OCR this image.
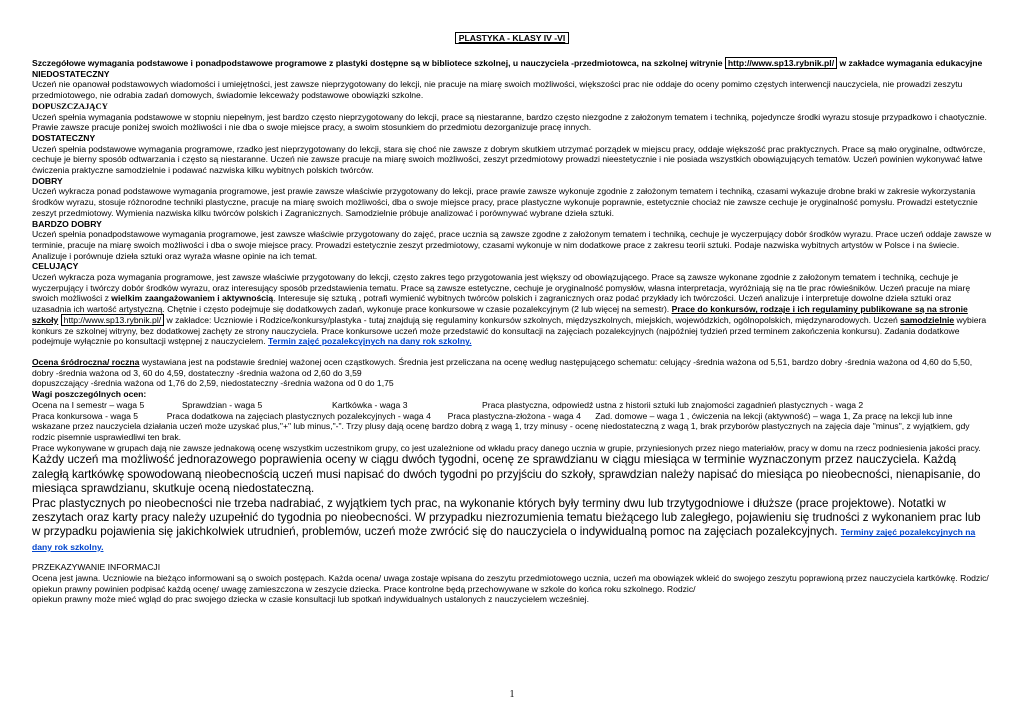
PLASTYKA - KLASY IV -VI

Szczegółowe wymagania podstawowe i ponadpodstawowe programowe z plastyki dostępne są w bibliotece szkolnej, u nauczyciela -przedmiotowca, na szkolnej witrynie http://www.sp13.rybnik.pl/ w zakładce wymagania edukacyjne

NIEDOSTATECZNY

Uczeń nie opanował podstawowych wiadomości i umiejętności, jest zawsze nieprzygotowany do lekcji, nie pracuje na miarę swoich możliwości, większości prac nie oddaje do oceny pomimo częstych interwencji nauczyciela, nie prowadzi zeszytu przedmiotowego, nie odrabia zadań domowych, świadomie lekceważy podstawowe obowiązki szkolne.

DOPUSZCZAJĄCY

Uczeń spełnia wymagania podstawowe w stopniu niepełnym, jest bardzo często nieprzygotowany do lekcji, prace są niestaranne, bardzo często niezgodne z założonym tematem i techniką, pojedyncze środki wyrazu stosuje przypadkowo i chaotycznie. Prawie zawsze pracuje poniżej swoich możliwości i nie dba o swoje miejsce pracy, a swoim stosunkiem do przedmiotu dezorganizuje pracę innych.

DOSTATECZNY

Uczeń spełnia podstawowe wymagania programowe, rzadko jest nieprzygotowany do lekcji, stara się choć nie zawsze z dobrym skutkiem utrzymać porządek w miejscu pracy, oddaje większość prac praktycznych. Prace są mało oryginalne, odtwórcze, cechuje je bierny sposób odtwarzania i często są niestaranne. Uczeń nie zawsze pracuje na miarę swoich możliwości, zeszyt przedmiotowy prowadzi nieestetycznie i nie posiada wszystkich obowiązujących tematów. Uczeń powinien wykonywać łatwe ćwiczenia praktyczne samodzielnie i podawać nazwiska kilku wybitnych polskich twórców.

DOBRY

Uczeń wykracza ponad podstawowe wymagania programowe, jest prawie zawsze właściwie przygotowany do lekcji, prace prawie zawsze wykonuje zgodnie z założonym tematem i techniką, czasami wykazuje drobne braki w zakresie wykorzystania środków wyrazu, stosuje różnorodne techniki plastyczne, pracuje na miarę swoich możliwości, dba o swoje miejsce pracy, prace plastyczne wykonuje poprawnie, estetycznie chociaż nie zawsze cechuje je oryginalność pomysłu. Prowadzi estetycznie zeszyt przedmiotowy. Wymienia nazwiska kilku twórców polskich i Zagranicznych. Samodzielnie próbuje analizować i porównywać wybrane dzieła sztuki.

BARDZO DOBRY

Uczeń spełnia ponadpodstawowe wymagania programowe, jest zawsze właściwie przygotowany do zajęć, prace ucznia są zawsze zgodne z założonym tematem i techniką, cechuje je wyczerpujący dobór środków wyrazu. Prace uczeń oddaje zawsze w terminie, pracuje na miarę swoich możliwości i dba o swoje miejsce pracy. Prowadzi estetycznie zeszyt przedmiotowy, czasami wykonuje w nim dodatkowe prace z zakresu teorii sztuki. Podaje nazwiska wybitnych artystów w Polsce i na świecie. Analizuje i porównuje dzieła sztuki oraz wyraża własne opinie na ich temat.

CELUJĄCY

Uczeń wykracza poza wymagania programowe, jest zawsze właściwie przygotowany do lekcji, często zakres tego przygotowania jest większy od obowiązującego. Prace są zawsze wykonane zgodnie z założonym tematem i techniką, cechuje je wyczerpujący i twórczy dobór środków wyrazu, oraz interesujący sposób przedstawienia tematu. Prace są zawsze estetyczne, cechuje je oryginalność pomysłów, własna interpretacja, wyróżniają się na tle prac rówieśników. Uczeń pracuje na miarę swoich możliwości z wielkim zaangażowaniem i aktywnością. Interesuje się sztuką , potrafi wymienić wybitnych twórców polskich i zagranicznych oraz podać przykłady ich twórczości. Uczeń analizuje i interpretuje dowolne dzieła sztuki oraz uzasadnia ich wartość artystyczną. Chętnie i często podejmuje się dodatkowych zadań, wykonuje prace konkursowe w czasie pozalekcyjnym (2 lub więcej na semestr). Prace do konkursów, rodzaje i ich regulaminy publikowane są na stronie szkoły http://www.sp13.rybnik.pl/ w zakładce: Uczniowie i Rodzice/konkursy/plastyka - tutaj znajdują się regulaminy konkursów szkolnych, międzyszkolnych, miejskich, wojewódzkich, ogólnopolskich, międzynarodowych. Uczeń samodzielnie wybiera konkurs ze szkolnej witryny, bez dodatkowej zachęty ze strony nauczyciela. Prace konkursowe uczeń może przedstawić do konsultacji na zajęciach pozalekcyjnych (najpóźniej tydzień przed terminem zakończenia konkursu). Zadania dodatkowe podejmuje wyłącznie po konsultacji wstępnej z nauczycielem. Termin zajęć pozalekcyjnych na dany rok szkolny.

Ocena śródroczna/ roczna wystawiana jest na podstawie średniej ważonej ocen cząstkowych. Średnia jest przeliczana na ocenę według następującego schematu: celujący -średnia ważona od 5,51, bardzo dobry -średnia ważona od 4,60 do 5,50, dobry -średnia ważona od 3, 60 do 4,59, dostateczny -średnia ważona od 2,60 do 3,59

dopuszczający -średnia ważona od 1,76 do 2,59, niedostateczny -średnia ważona od 0 do 1,75

Wagi poszczególnych ocen:

Ocena na I semestr – waga 5	Sprawdzian - waga 5	Kartkówka - waga 3	Praca plastyczna, odpowiedź ustna z historii sztuki lub znajomości zagadnień plastycznych - waga 2

Praca konkursowa - waga 5	Praca dodatkowa na zajęciach plastycznych pozalekcyjnych - waga 4 Praca plastyczna-złożona - waga 4 Zad. domowe – waga 1 , ćwiczenia na lekcji (aktywność) – waga 1, Za pracę na lekcji lub inne wskazane przez nauczyciela działania uczeń może uzyskać plus,"+" lub minus,"-". Trzy plusy dają ocenę bardzo dobrą z wagą 1, trzy minusy - ocenę niedostateczną z wagą 1, brak przyborów plastycznych na zajęcia daje "minus", z wyjątkiem, gdy rodzic pisemnie usprawiedliwi ten brak.

Prace wykonywane w grupach dają nie zawsze jednakową ocenę wszystkim uczestnikom grupy, co jest uzależnione od wkładu pracy danego ucznia w grupie, przyniesionych przez niego materiałów, pracy w domu na rzecz podniesienia jakości pracy.

Każdy uczeń ma możliwość jednorazowego poprawienia oceny w ciągu dwóch tygodni, ocenę ze sprawdzianu w ciągu miesiąca w terminie wyznaczonym przez nauczyciela. Każdą zaległą kartkówkę spowodowaną nieobecnością uczeń musi napisać do dwóch tygodni po przyjściu do szkoły, sprawdzian należy napisać do miesiąca po nieobecności, nienapisanie, do miesiąca sprawdzianu, skutkuje oceną niedostateczną.

Prac plastycznych po nieobecności nie trzeba nadrabiać, z wyjątkiem tych prac, na wykonanie których były terminy dwu lub trzytygodniowe i dłuższe (prace projektowe). Notatki w zeszytach oraz karty pracy należy uzupełnić do tygodnia po nieobecności. W przypadku niezrozumienia tematu bieżącego lub zaległego, pojawieniu się trudności z wykonaniem prac lub w przypadku pojawienia się jakichkolwiek utrudnień, problemów, uczeń może zwrócić się do nauczyciela o indywidualną pomoc na zajęciach pozalekcyjnych. Terminy zajęć pozalekcyjnych na dany rok szkolny.

PRZEKAZYWANIE INFORMACJI

Ocena jest jawna. Uczniowie na bieżąco informowani są o swoich postępach. Każda ocena/ uwaga zostaje wpisana do zeszytu przedmiotowego ucznia, uczeń ma obowiązek wkleić do swojego zeszytu poprawioną przez nauczyciela kartkówkę. Rodzic/ opiekun prawny powinien podpisać każdą ocenę/ uwagę zamieszczona w zeszycie dziecka. Prace kontrolne będą przechowywane w szkole do końca roku szkolnego. Rodzic/

opiekun prawny może mieć wgląd do prac swojego dziecka w czasie konsultacji lub spotkań indywidualnych ustalonych z nauczycielem wcześniej.

1
